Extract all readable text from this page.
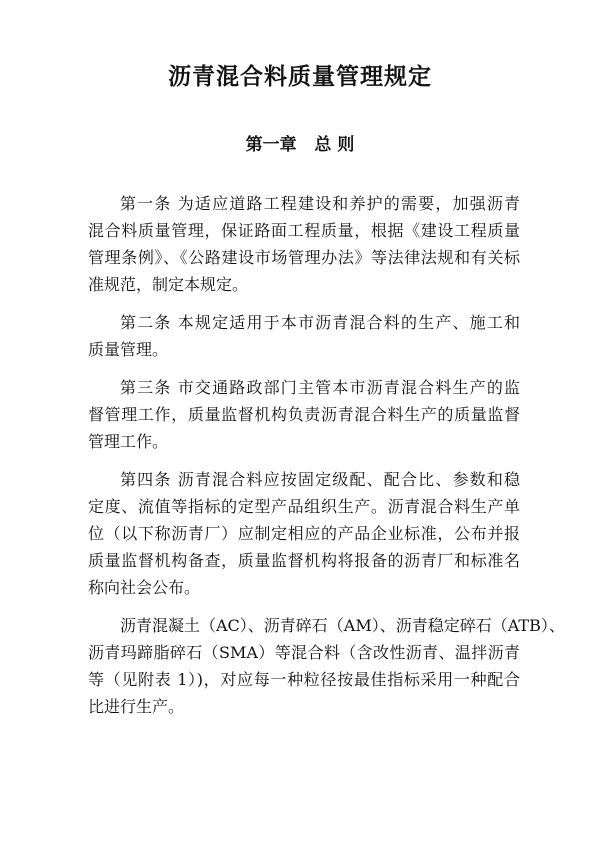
沥青混合料质量管理规定
第一章   总 则

第一条 为适应道路工程建设和养护的需要，加强沥青
混合料质量管理，保证路面工程质量，根据《建设工程质量
管理条例》、《公路建设市场管理办法》等法律法规和有关标
准规范，制定本规定。

第二条 本规定适用于本市沥青混合料的生产、施工和
质量管理。

第三条 市交通路政部门主管本市沥青混合料生产的监
督管理工作，质量监督机构负责沥青混合料生产的质量监督
管理工作。

第四条 沥青混合料应按固定级配、配合比、参数和稳
定度、流值等指标的定型产品组织生产。沥青混合料生产单
位（以下称沥青厂）应制定相应的产品企业标准，公布并报
质量监督机构备查，质量监督机构将报备的沥青厂和标准名
称向社会公布。

沥青混凝土（AC）、沥青碎石（AM）、沥青稳定碎石（ATB）、
沥青玛蹄脂碎石（SMA）等混合料（含改性沥青、温拌沥青
等（见附表 1）)，对应每一种粒径按最佳指标采用一种配合
比进行生产。
